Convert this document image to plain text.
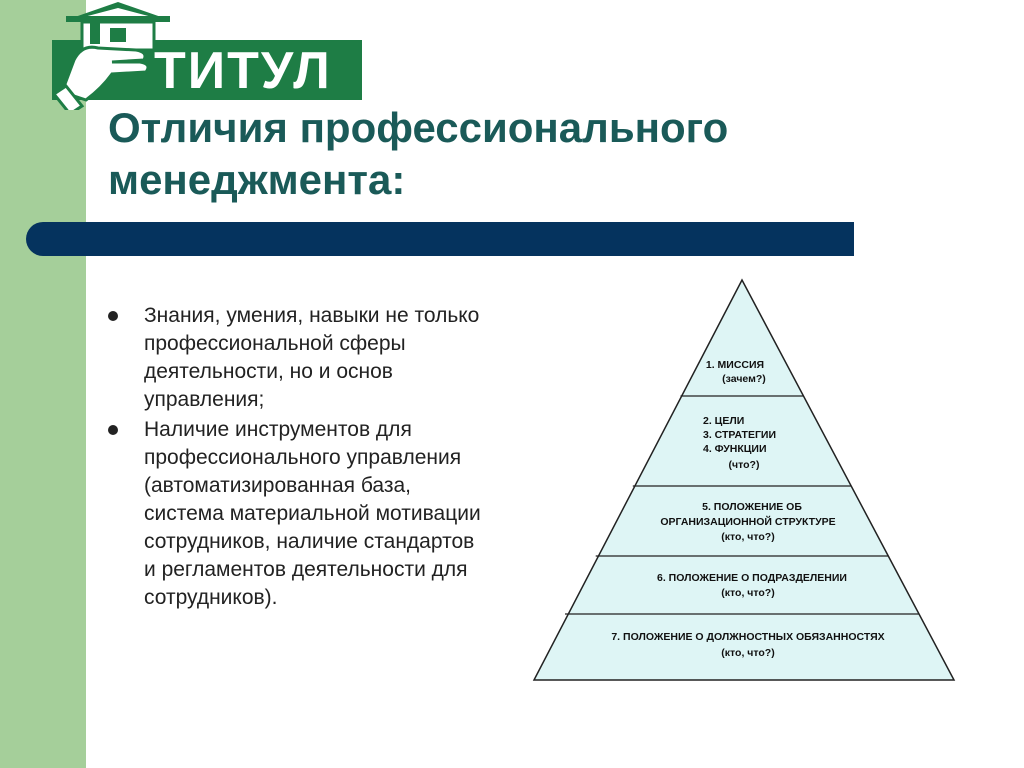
ТИТУЛ
Отличия профессионального менеджмента:
Знания, умения, навыки не только профессиональной сферы деятельности, но и основ управления;
Наличие инструментов для профессионального управления (автоматизированная база, система материальной мотивации сотрудников, наличие стандартов и регламентов деятельности для сотрудников).
1. МИССИЯ
(зачем?)
2. ЦЕЛИ
3. СТРАТЕГИИ
4. ФУНКЦИИ
(что?)
5. ПОЛОЖЕНИЕ ОБ
ОРГАНИЗАЦИОННОЙ СТРУКТУРЕ
(кто, что?)
6. ПОЛОЖЕНИЕ О ПОДРАЗДЕЛЕНИИ
(кто, что?)
7. ПОЛОЖЕНИЕ О ДОЛЖНОСТНЫХ ОБЯЗАННОСТЯХ
(кто, что?)
